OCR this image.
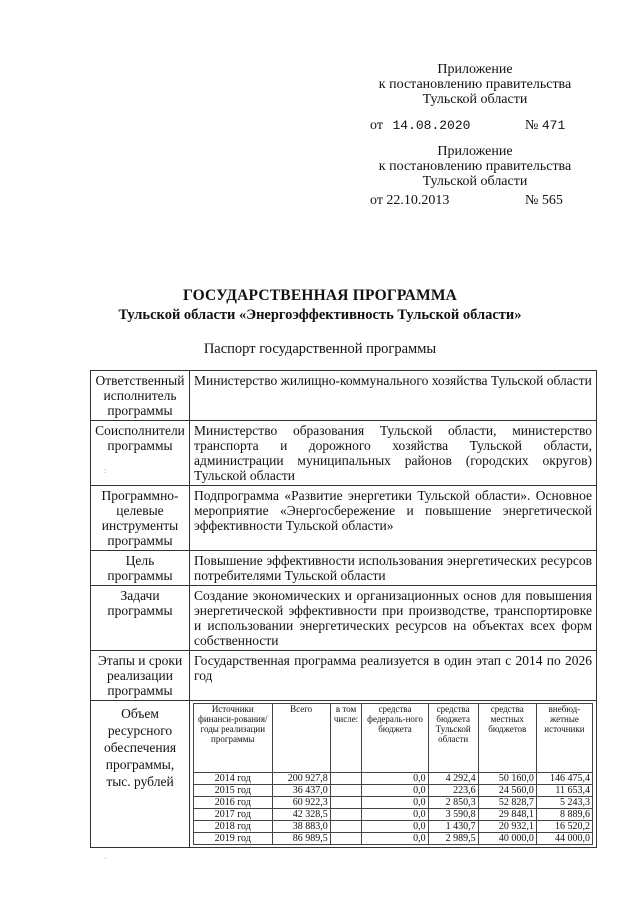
Приложение
к постановлению правительства
Тульской области
от 14.08.2020	№ 471
Приложение
к постановлению правительства
Тульской области
от 22.10.2013	№ 565
ГОСУДАРСТВЕННАЯ ПРОГРАММА
Тульской области «Энергоэффективность Тульской области»
Паспорт государственной программы
:
Ответственный исполнитель программы	Министерство жилищно-коммунального хозяйства Тульской области
Соисполнители программы	Министерство образования Тульской области, министерство транспорта и дорожного хозяйства Тульской области, администрации муниципальных районов (городских округов) Тульской области
Программно-целевые инструменты программы	Подпрограмма «Развитие энергетики Тульской области». Основное мероприятие «Энергосбережение и повышение энергетической эффективности Тульской области»
Цель программы	Повышение эффективности использования энергетических ресурсов потребителями Тульской области
Задачи программы	Создание экономических и организационных основ для повышения энергетической эффективности при производстве, транспортировке и использовании энергетических ресурсов на объектах всех форм собственности
Этапы и сроки реализации программы	Государственная программа реализуется в один этап с 2014 по 2026 год
Объем ресурсного обеспечения программы, тыс. рублей	
Источники финанси-рования/ годы реализации программы	Всего	в том числе:	средства федераль-ного бюджета	средства бюджета Тульской области	средства местных бюджетов	внебюд-жетные источники
2014 год	200 927,8		0,0	4 292,4	50 160,0	146 475,4
2015 год	36 437,0		0,0	223,6	24 560,0	11 653,4
2016 год	60 922,3		0,0	2 850,3	52 828,7	5 243,3
2017 год	42 328,5		0,0	3 590,8	29 848,1	8 889,6
2018 год	38 883,0		0,0	1 430,7	20 932,1	16 520,2
2019 год	86 989,5		0,0	2 989,5	40 000,0	44 000,0
·
